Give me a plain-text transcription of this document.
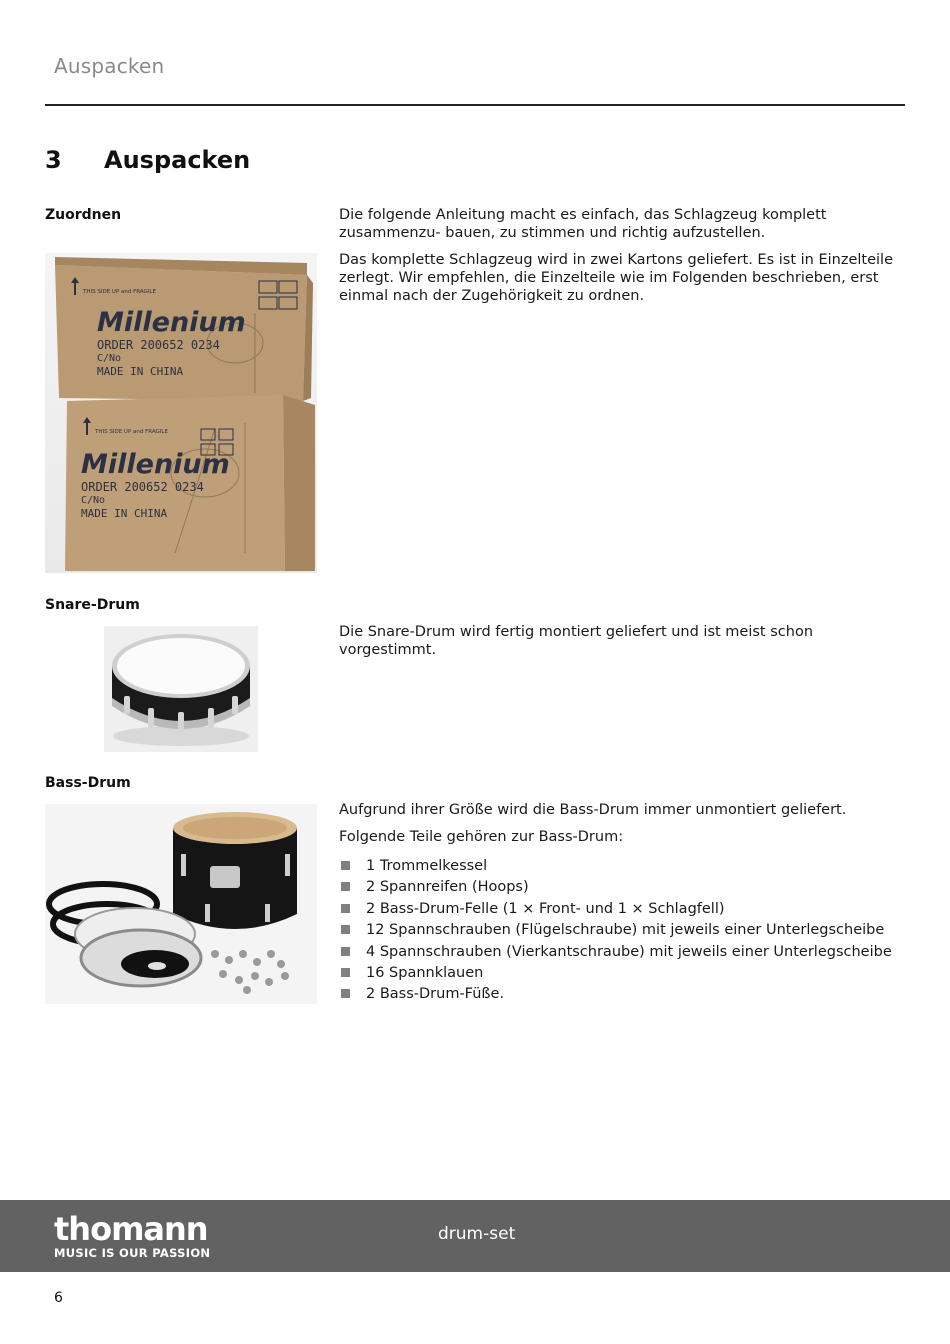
Auspacken
3 Auspacken
Zuordnen	Die folgende Anleitung macht es einfach, das Schlagzeug komplett zusammenzu- bauen, zu stimmen und richtig aufzustellen.

Das komplette Schlagzeug wird in zwei Kartons geliefert. Es ist in Einzelteile zerlegt. Wir empfehlen, die Einzelteile wie im Folgenden beschrieben, erst einmal nach der Zugehörigkeit zu ordnen.

THIS SIDE UP and FRAGILE
Millenium
ORDER 200652 0234
C/No
MADE IN CHINA
THIS SIDE UP and FRAGILE
Millenium
ORDER 200652 0234
C/No
MADE IN CHINA
Snare-Drum

Die Snare-Drum wird fertig montiert geliefert und ist meist schon vorgestimmt.

Bass-Drum

Aufgrund ihrer Größe wird die Bass-Drum immer unmontiert geliefert.

Folgende Teile gehören zur Bass-Drum:

1 Trommelkessel
2 Spannreifen (Hoops)
2 Bass-Drum-Felle (1 × Front- und 1 × Schlagfell)
12 Spannschrauben (Flügelschraube) mit jeweils einer Unterlegscheibe
4 Spannschrauben (Vierkantschraube) mit jeweils einer Unterlegscheibe
16 Spannklauen
2 Bass-Drum-Füße.
thomann
MUSIC IS OUR PASSION
drum-set
6
